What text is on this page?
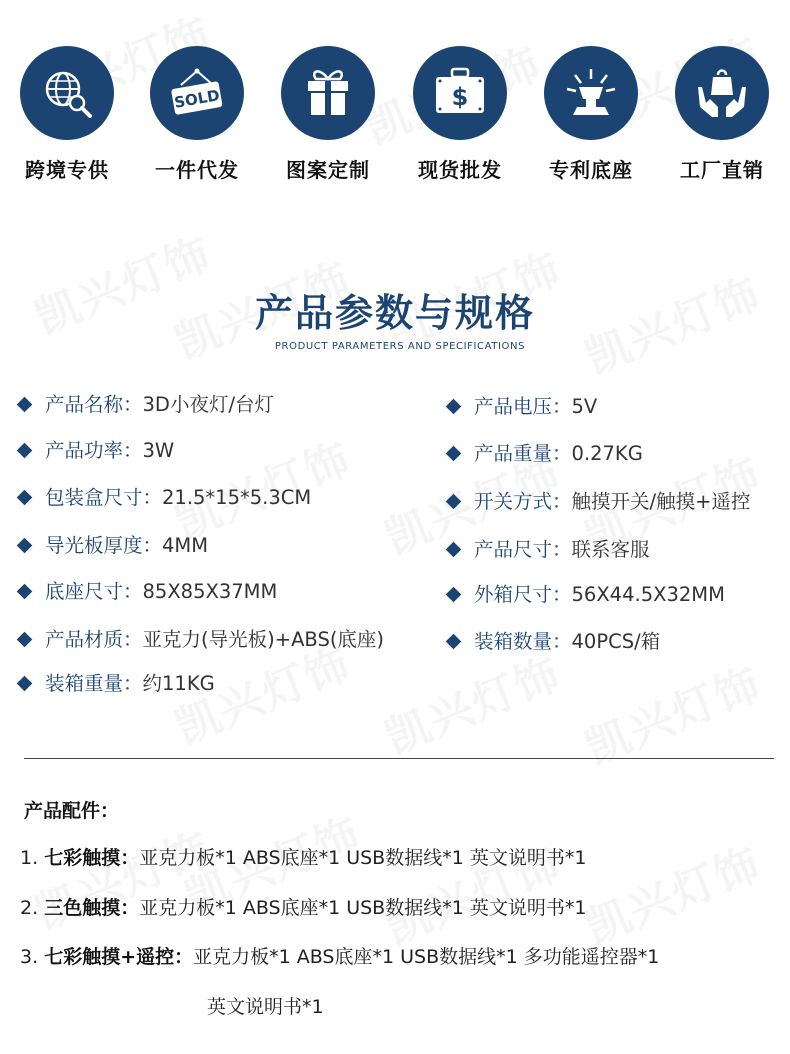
跨境专供
SOLD
一件代发	图案定制
$
现货批发	专利底座	工厂直销
产品参数与规格
PRODUCT PARAMETERS AND SPECIFICATIONS
产品名称：3D小夜灯/台灯
产品功率：3W
包装盒尺寸：21.5*15*5.3CM
导光板厚度：4MM
底座尺寸：85X85X37MM
产品材质：亚克力(导光板)+ABS(底座)
装箱重量：约11KG
产品电压：5V
产品重量：0.27KG
开关方式：触摸开关/触摸+遥控
产品尺寸：联系客服
外箱尺寸：56X44.5X32MM
装箱数量：40PCS/箱
产品配件：
1. 七彩触摸：亚克力板*1 ABS底座*1 USB数据线*1 英文说明书*1
2. 三色触摸：亚克力板*1 ABS底座*1 USB数据线*1 英文说明书*1
3. 七彩触摸+遥控：亚克力板*1 ABS底座*1 USB数据线*1 多功能遥控器*1
英文说明书*1
